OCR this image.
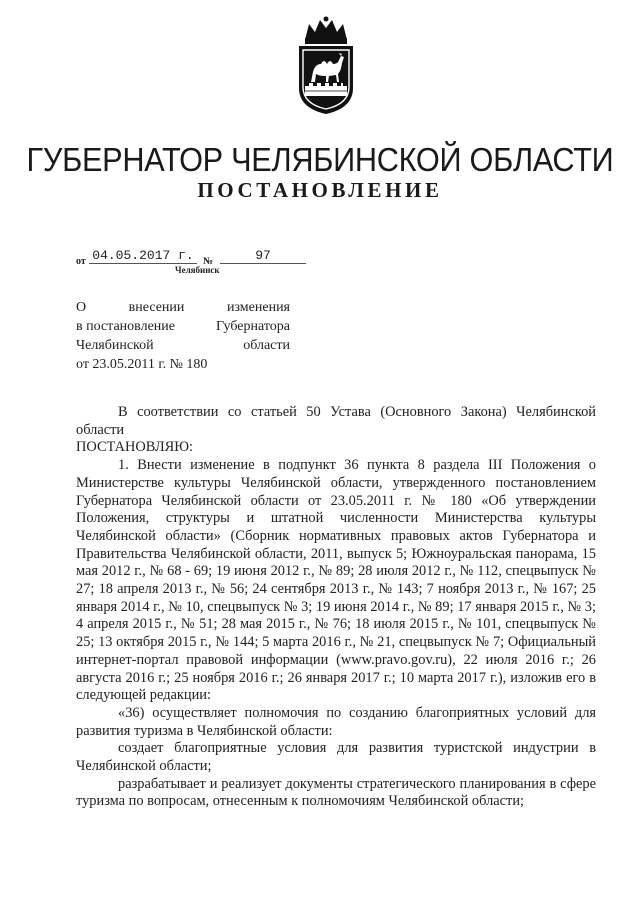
ГУБЕРНАТОР ЧЕЛЯБИНСКОЙ ОБЛАСТИ
ПОСТАНОВЛЕНИЕ
от 04.05.2017 г. №	97
Челябинск
О	внесении	изменения
в постановление	Губернатора
Челябинской	области
от 23.05.2011 г. № 180

В соответствии со статьей 50 Устава (Основного Закона) Челябинской области

ПОСТАНОВЛЯЮ:

1. Внести изменение в подпункт 36 пункта 8 раздела III Положения о Министерстве культуры Челябинской области, утвержденного постановлением Губернатора Челябинской области от 23.05.2011 г. № 180 «Об утверждении Положения, структуры и штатной численности Министерства культуры Челябинской области» (Сборник нормативных правовых актов Губернатора и Правительства Челябинской области, 2011, выпуск 5; Южноуральская панорама, 15 мая 2012 г., № 68 - 69; 19 июня 2012 г., № 89; 28 июля 2012 г., № 112, спецвыпуск № 27; 18 апреля 2013 г., № 56; 24 сентября 2013 г., № 143; 7 ноября 2013 г., № 167; 25 января 2014 г., № 10, спецвыпуск № 3; 19 июня 2014 г., № 89; 17 января 2015 г., № 3; 4 апреля 2015 г., № 51; 28 мая 2015 г., № 76; 18 июля 2015 г., № 101, спецвыпуск № 25; 13 октября 2015 г., № 144; 5 марта 2016 г., № 21, спецвыпуск № 7; Официальный интернет-портал правовой информации (www.pravo.gov.ru), 22 июля 2016 г.; 26 августа 2016 г.; 25 ноября 2016 г.; 26 января 2017 г.; 10 марта 2017 г.), изложив его в следующей редакции:

«36) осуществляет полномочия по созданию благоприятных условий для развития туризма в Челябинской области:

создает благоприятные условия для развития туристской индустрии в Челябинской области;

разрабатывает и реализует документы стратегического планирования в сфере туризма по вопросам, отнесенным к полномочиям Челябинской области;
